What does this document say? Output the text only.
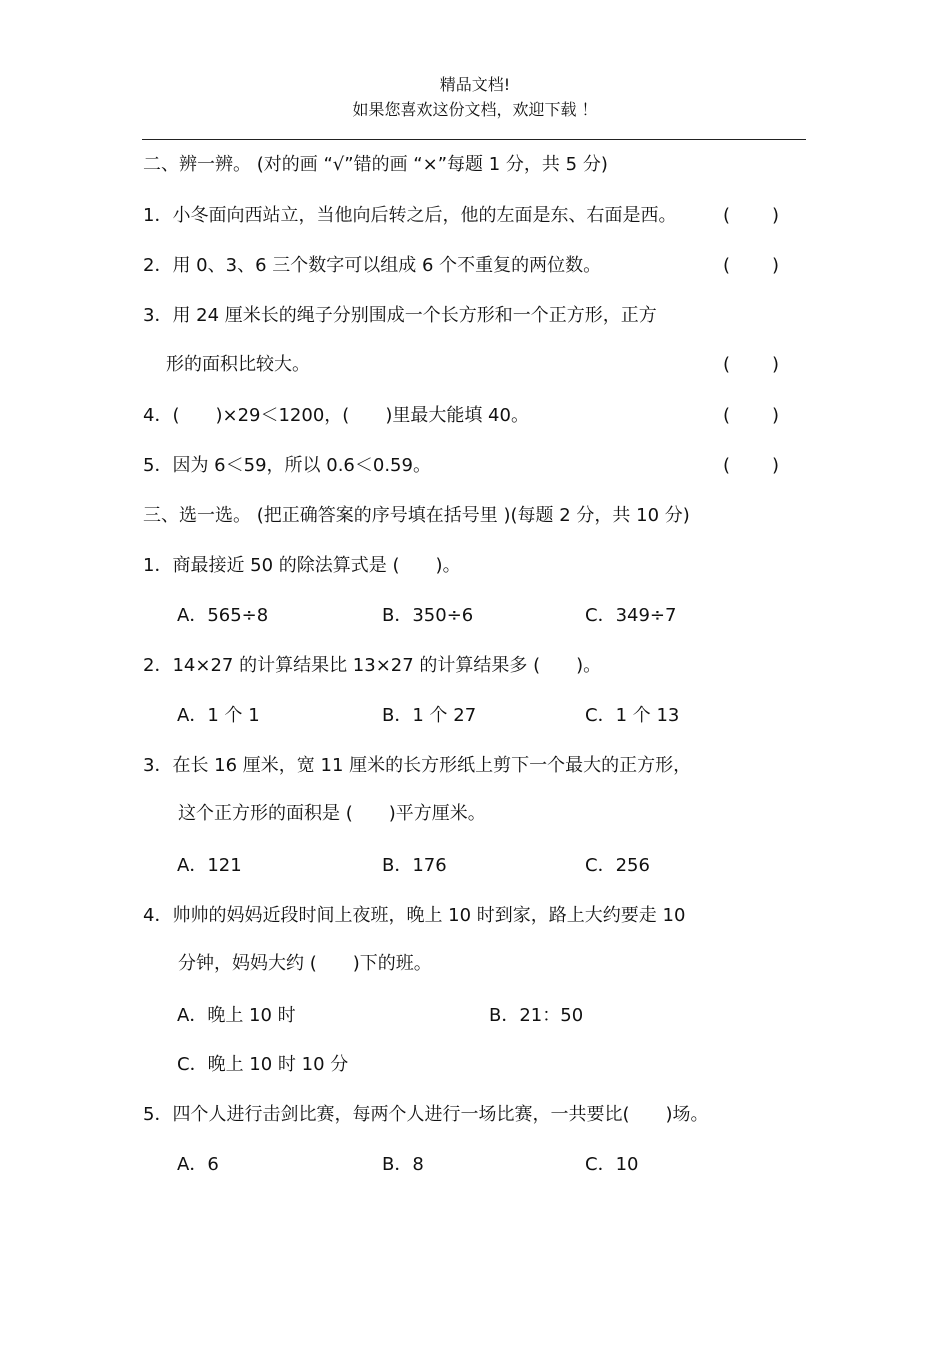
精品文档!
如果您喜欢这份文档，欢迎下载 ！
二、辨一辨。 (对的画 “√”错的画 “×”每题 1 分，共 5 分)
1．小冬面向西站立，当他向后转之后，他的左面是东、右面是西。	( )
2．用 0、3、6 三个数字可以组成 6 个不重复的两位数。	( )
3．用 24 厘米长的绳子分别围成一个长方形和一个正方形，正方
形的面积比较大。	( )
4．(　　)×29＜1200，(　　)里最大能填 40。	( )
5．因为 6＜59，所以 0.6＜0.59。	( )
三、选一选。 (把正确答案的序号填在括号里 )(每题 2 分，共 10 分)
1．商最接近 50 的除法算式是 (　　)。
A．565÷8	B．350÷6	C．349÷7
2．14×27 的计算结果比 13×27 的计算结果多 (　　)。
A．1 个 1	B．1 个 27	C．1 个 13
3．在长 16 厘米，宽 11 厘米的长方形纸上剪下一个最大的正方形，
这个正方形的面积是 (　　)平方厘米。
A．121	B．176	C．256
4．帅帅的妈妈近段时间上夜班，晚上 10 时到家，路上大约要走 10
分钟，妈妈大约 (　　)下的班。
A．晚上 10 时	B．21：50
C．晚上 10 时 10 分
5．四个人进行击剑比赛，每两个人进行一场比赛，一共要比(　　)场。
A．6	B．8	C．10
